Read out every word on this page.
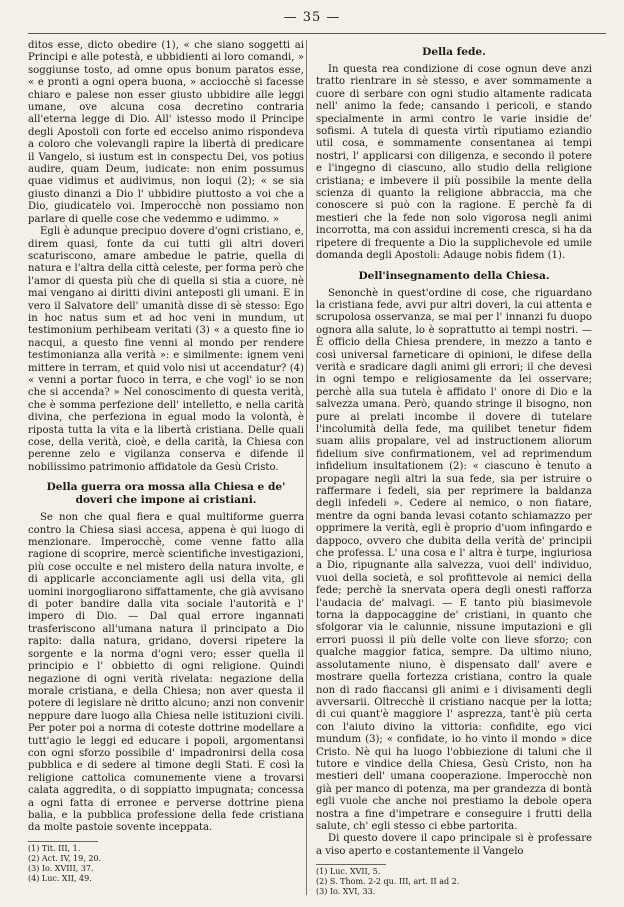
— 35 —

ditos esse, dicto obedire (1), « che siano soggetti ai Principi e alle potestà, e ubbidienti ai loro comandi, » soggiunse tosto, ad omne opus bonum paratos esse, « e pronti a ogni opera buona, » acciocchè si facesse chiaro e palese non esser giusto ubbidire alle leggi umane, ove alcuna cosa decretino contraria all'eterna legge di Dio. All' istesso modo il Principe degli Apostoli con forte ed eccelso animo rispondeva a coloro che volevangli rapire la libertà di predicare il Vangelo, si iustum est in conspectu Dei, vos potius audire, quam Deum, iudicate: non enim possumus quae vidimus et audivimus, non loqui (2); « se sia giusto dinanzi a Dio l' ubbidire piuttosto a voi che a Dio, giudicatelo voi. Imperocchè non possiamo non parlare di quelle cose che vedemmo e udimmo. »

Egli è adunque precipuo dovere d'ogni cristiano, e, direm quasi, fonte da cui tutti gli altri doveri scaturiscono, amare ambedue le patrie, quella di natura e l'altra della città celeste, per forma però che l'amor di questa più che di quella si stia a cuore, nè mai vengano ai diritti divini anteposti gli umani. E in vero il Salvatore dell' umanità disse di sè stesso: Ego in hoc natus sum et ad hoc veni in mundum, ut testimonium perhibeam veritati (3) « a questo fine io nacqui, a questo fine venni al mondo per rendere testimonianza alla verità »: e similmente: ignem veni mittere in terram, et quid volo nisi ut accendatur? (4) « venni a portar fuoco in terra, e che vogl' io se non che si accenda? » Nel conoscimento di questa verità, che è somma perfezione dell' intelletto, e nella carità divina, che perfeziona in egual modo la volontà, è riposta tutta la vita e la libertà cristiana. Delle quali cose, della verità, cioè, e della carità, la Chiesa con perenne zelo e vigilanza conserva e difende il nobilissimo patrimonio affidatole da Gesù Cristo.

Della guerra ora mossa alla Chiesa e de' doveri che impone ai cristiani.

Se non che qual fiera e qual multiforme guerra contro la Chiesa siasi accesa, appena è qui luogo di menzionare. Imperocchè, come venne fatto alla ragione di scoprire, mercè scientifiche investigazioni, più cose occulte e nel mistero della natura involte, e di applicarle acconciamente agli usi della vita, gli uomini inorgogliarono siffattamente, che già avvisano di poter bandire dalla vita sociale l'autorità e l' impero di Dio. — Dal qual errore ingannati trasferiscono all'umana natura il principato a Dio rapito: dalla natura, gridano, doversi ripetere la sorgente e la norma d'ogni vero; esser quella il principio e l' obbietto di ogni religione. Quindi negazione di ogni verità rivelata: negazione della morale cristiana, e della Chiesa; non aver questa il potere di legislare nè dritto alcuno; anzi non convenir neppure dare luogo alla Chiesa nelle istituzioni civili. Per poter poi a norma di coteste dottrine modellare a tutt'agio le leggi ed educare i popoli, argomentansi con ogni sforzo possibile d' impadronirsi della cosa pubblica e di sedere al timone degli Stati. E così la religione cattolica comunemente viene a trovarsi calata aggredita, o di soppiatto impugnata; concessa a ogni fatta di erronee e perverse dottrine piena balia, e la pubblica professione della fede cristiana da molte pastoie sovente inceppata.

(1) Tit. III, 1.
(2) Act. IV, 19, 20.
(3) Io. XVIII, 37.
(4) Luc. XII, 49.
Della fede.

In questa rea condizione di cose ognun deve anzi tratto rientrare in sè stesso, e aver sommamente a cuore di serbare con ogni studio altamente radicata nell' animo la fede; cansando i pericoli, e stando specialmente in armi contro le varie insidie de' sofismi. A tutela di questa virtù riputiamo eziandio util cosa, e sommamente consentanea ai tempi nostri, l' applicarsi con diligenza, e secondo il potere e l'ingegno di ciascuno, allo studio della religione cristiana; e imbevere il più possibile la mente della scienza di quanto la religione abbraccia, ma che conoscere si può con la ragione. E perchè fa di mestieri che la fede non solo vigorosa negli animi incorrotta, ma con assidui incrementi cresca, si ha da ripetere di frequente a Dio la supplichevole ed umile domanda degli Apostoli: Adauge nobis fidem (1).

Dell'insegnamento della Chiesa.

Senonchè in quest'ordine di cose, che riguardano la cristiana fede, avvi pur altri doveri, la cui attenta e scrupolosa osservanza, se mai per l' innanzi fu duopo ognora alla salute, lo è soprattutto ai tempi nostri. — È officio della Chiesa prendere, in mezzo a tanto e così universal farneticare di opinioni, le difese della verità e sradicare dagli animi gli errori; il che devesi in ogni tempo e religiosamente da lei osservare; perchè alla sua tutela è affidato l' onore di Dio e la salvezza umana. Però, quando stringe il bisogno, non pure ai prelati incombe il dovere di tutelare l'incolumità della fede, ma quilibet tenetur fidem suam aliis propalare, vel ad instructionem aliorum fidelium sive confirmationem, vel ad reprimendum infidelium insultationem (2): « ciascuno è tenuto a propagare negli altri la sua fede, sia per istruire o raffermare i fedeli, sia per reprimere la baldanza degli infedeli ». Cedere al nemico, o non fiatare, mentre da ogni banda levasi cotanto schiamazzo per opprimere la verità, egli è proprio d'uom infingardo e dappoco, ovvero che dubita della verità de' principii che professa. L' una cosa e l' altra è turpe, ingiuriosa a Dio, ripugnante alla salvezza, vuoi dell' individuo, vuoi della società, e sol profittevole ai nemici della fede; perchè la snervata opera degli onesti rafforza l'audacia de' malvagi. — E tanto più biasimevole torna la dappocaggine de' cristiani, in quanto che sfolgorar via le calunnie, nissune imputazioni e gli errori puossi il più delle volte con lieve sforzo; con qualche maggior fatica, sempre. Da ultimo niuno, assolutamente niuno, è dispensato dall' avere e mostrare quella fortezza cristiana, contro la quale non di rado fiaccansi gli animi e i divisamenti degli avversarii. Oltrecchè il cristiano nacque per la lotta; di cui quant'è maggiore l' asprezza, tant'è più certa con l'aiuto divino la vittoria: confidite, ego vici mundum (3); « confidate, io ho vinto il mondo » dice Cristo. Nè qui ha luogo l'obbiezione di taluni che il tutore e vindice della Chiesa, Gesù Cristo, non ha mestieri dell' umana cooperazione. Imperocchè non già per manco di potenza, ma per grandezza di bontà egli vuole che anche noi prestiamo la debole opera nostra a fine d'impetrare e conseguire i frutti della salute, ch' egli stesso ci ebbe partorita.

Di questo dovere il capo principale si è professare a viso aperto e costantemente il Vangelo

(1) Luc. XVII, 5.
(2) S. Thom. 2-2 qu. III, art. II ad 2.
(3) Io. XVI, 33.
